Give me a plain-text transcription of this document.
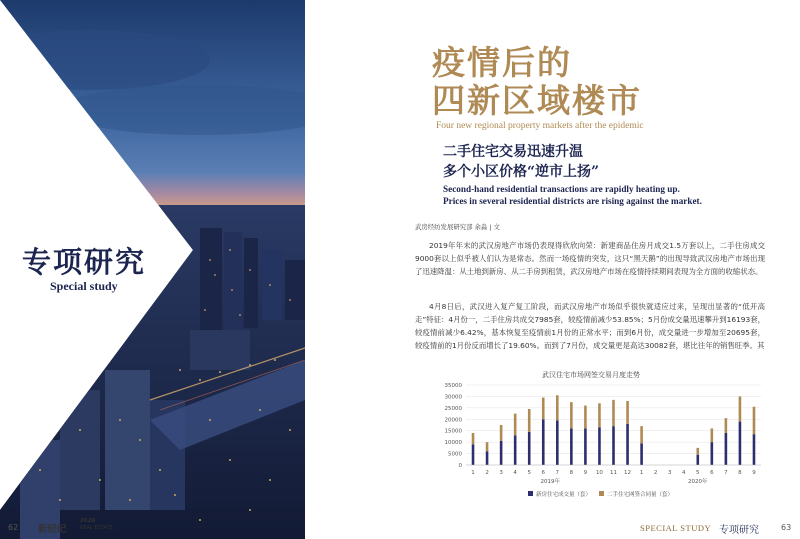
专项研究
Special study
疫情后的
四新区域楼市
Four new regional property markets after the epidemic
二手住宅交易迅速升温
多个小区价格“逆市上扬”
Second-hand residential transactions are rapidly heating up.
Prices in several residential districts are rising against the market.
武房经纺发展研究部 余淼 | 文

2019年年末的武汉房地产市场仍表现得欣欣向荣：新建商品住房月成交1.5万套以上，二手住房成交9000套以上似乎被人们认为是常态。然而一场疫情的突发，这只“黑天鹅”的出现导致武汉房地产市场出现了迅速降温：从土地到新房、从二手房到租赁，武汉房地产市场在疫情持续期间表现为全方面的收缩状态。

4月8日后，武汉进入复产复工阶段，而武汉房地产市场似乎很快就适应过来，呈现出显著的“低开高走”特征：4月份一，二手住房共成交7985套，较疫情前减少53.85%；5月份成交量迅速攀升到16193套，较疫情前减少6.42%，基本恢复至疫情前1月份的正常水平；而到6月份，成交量进一步增加至20695套，较疫情前的1月份反而增长了19.60%。而到了7月份，成交量更是高达30082套，堪比往年的销售旺季。其

武汉住宅市场网签交易月度走势
0
5000
10000
15000
20000
25000
30000
35000
1 2 3 4 5 6 7 8 9 10 11 12 1 2 3 4 5 6 7 8 9
2019年	2020年
新房住宅成交量（套）	二手住宅网签合同量（套）
62 新经纪
2020
REAL ESTATE	SPECIAL STUDY 专项研究	63
